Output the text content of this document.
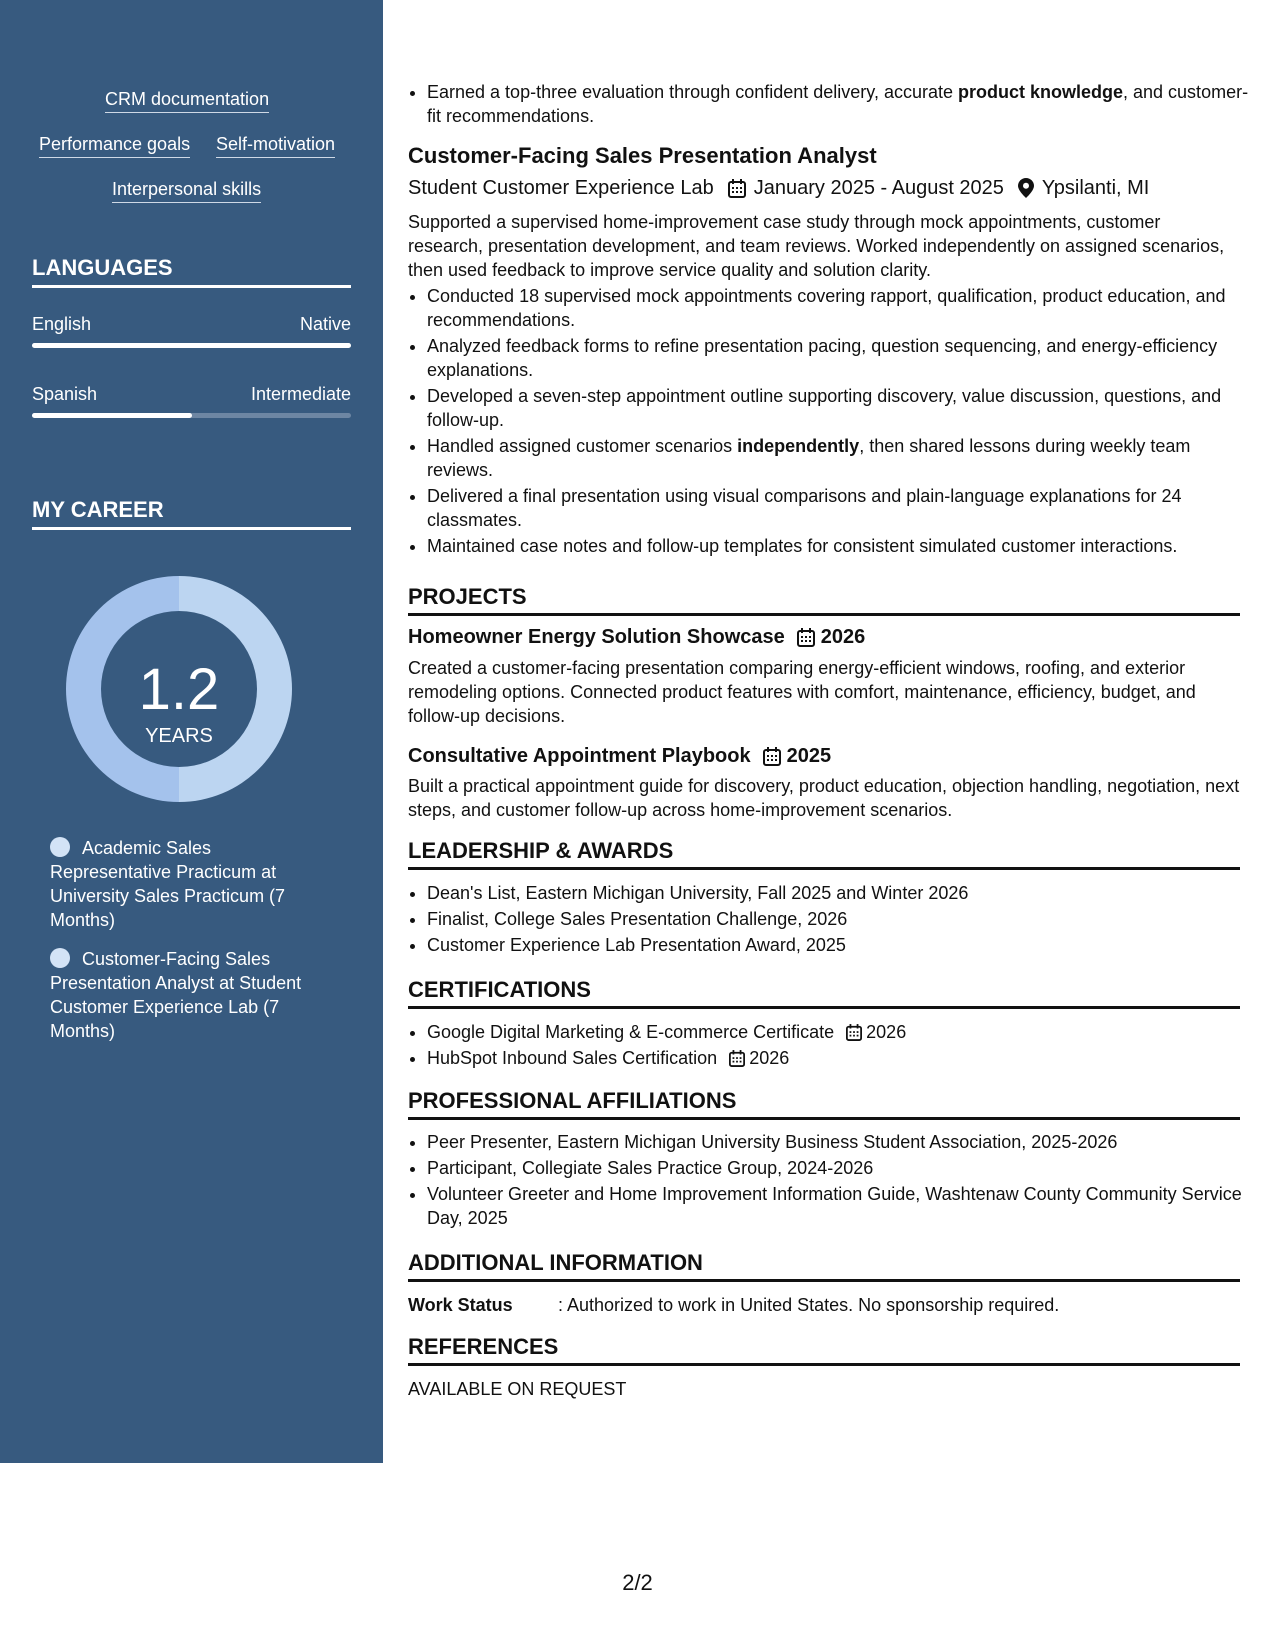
CRM documentation
Performance goals Self-motivation
Interpersonal skills
LANGUAGES
English	Native
Spanish	Intermediate
MY CAREER
1.2
YEARS
Academic Sales Representative Practicum at University Sales Practicum (7 Months)
Customer-Facing Sales Presentation Analyst at Student Customer Experience Lab (7 Months)
• Earned a top-three evaluation through confident delivery, accurate product knowledge, and customer-fit recommendations.
Customer-Facing Sales Presentation Analyst
Student Customer Experience Lab January 2025 - August 2025 Ypsilanti, MI
Supported a supervised home-improvement case study through mock appointments, customer research, presentation development, and team reviews. Worked independently on assigned scenarios, then used feedback to improve service quality and solution clarity.
• Conducted 18 supervised mock appointments covering rapport, qualification, product education, and recommendations.
• Analyzed feedback forms to refine presentation pacing, question sequencing, and energy-efficiency explanations.
• Developed a seven-step appointment outline supporting discovery, value discussion, questions, and follow-up.
• Handled assigned customer scenarios independently, then shared lessons during weekly team reviews.
• Delivered a final presentation using visual comparisons and plain-language explanations for 24 classmates.
• Maintained case notes and follow-up templates for consistent simulated customer interactions.
PROJECTS
Homeowner Energy Solution Showcase 2026
Created a customer-facing presentation comparing energy-efficient windows, roofing, and exterior remodeling options. Connected product features with comfort, maintenance, efficiency, budget, and follow-up decisions.
Consultative Appointment Playbook 2025
Built a practical appointment guide for discovery, product education, objection handling, negotiation, next steps, and customer follow-up across home-improvement scenarios.
LEADERSHIP & AWARDS
• Dean's List, Eastern Michigan University, Fall 2025 and Winter 2026
• Finalist, College Sales Presentation Challenge, 2026
• Customer Experience Lab Presentation Award, 2025
CERTIFICATIONS
• Google Digital Marketing & E-commerce Certificate 2026
• HubSpot Inbound Sales Certification 2026
PROFESSIONAL AFFILIATIONS
• Peer Presenter, Eastern Michigan University Business Student Association, 2025-2026
• Participant, Collegiate Sales Practice Group, 2024-2026
• Volunteer Greeter and Home Improvement Information Guide, Washtenaw County Community Service Day, 2025
ADDITIONAL INFORMATION
Work Status	: Authorized to work in United States. No sponsorship required.
REFERENCES
AVAILABLE ON REQUEST
2/2
